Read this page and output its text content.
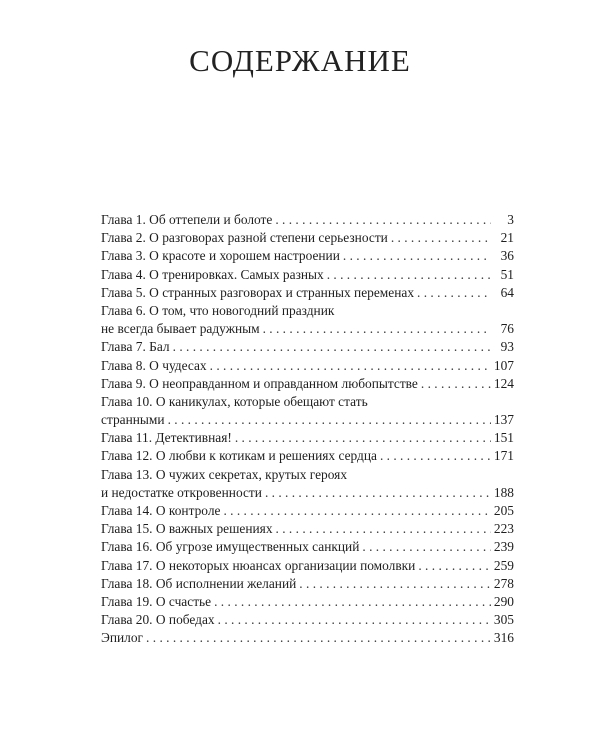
СОДЕРЖАНИЕ
Глава 1. Об оттепели и болоте . . .	3
Глава 2. О разговорах разной степени серьезности . . .	21
Глава 3. О красоте и хорошем настроении . . .	36
Глава 4. О тренировках. Самых разных . . .	51
Глава 5. О странных разговорах и странных переменах . . .	64
Глава 6. О том, что новогодний праздник
не всегда бывает радужным . . .	76
Глава 7. Бал . . .	93
Глава 8. О чудесах . . .	107
Глава 9. О неоправданном и оправданном любопытстве . . .	124
Глава 10. О каникулах, которые обещают стать
странными . . .	137
Глава 11. Детективная! . . .	151
Глава 12. О любви к котикам и решениях сердца . . .	171
Глава 13. О чужих секретах, крутых героях
и недостатке откровенности . . .	188
Глава 14. О контроле . . .	205
Глава 15. О важных решениях . . .	223
Глава 16. Об угрозе имущественных санкций . . .	239
Глава 17. О некоторых нюансах организации помолвки . . .	259
Глава 18. Об исполнении желаний . . .	278
Глава 19. О счастье . . .	290
Глава 20. О победах . . .	305
Эпилог . . .	316
